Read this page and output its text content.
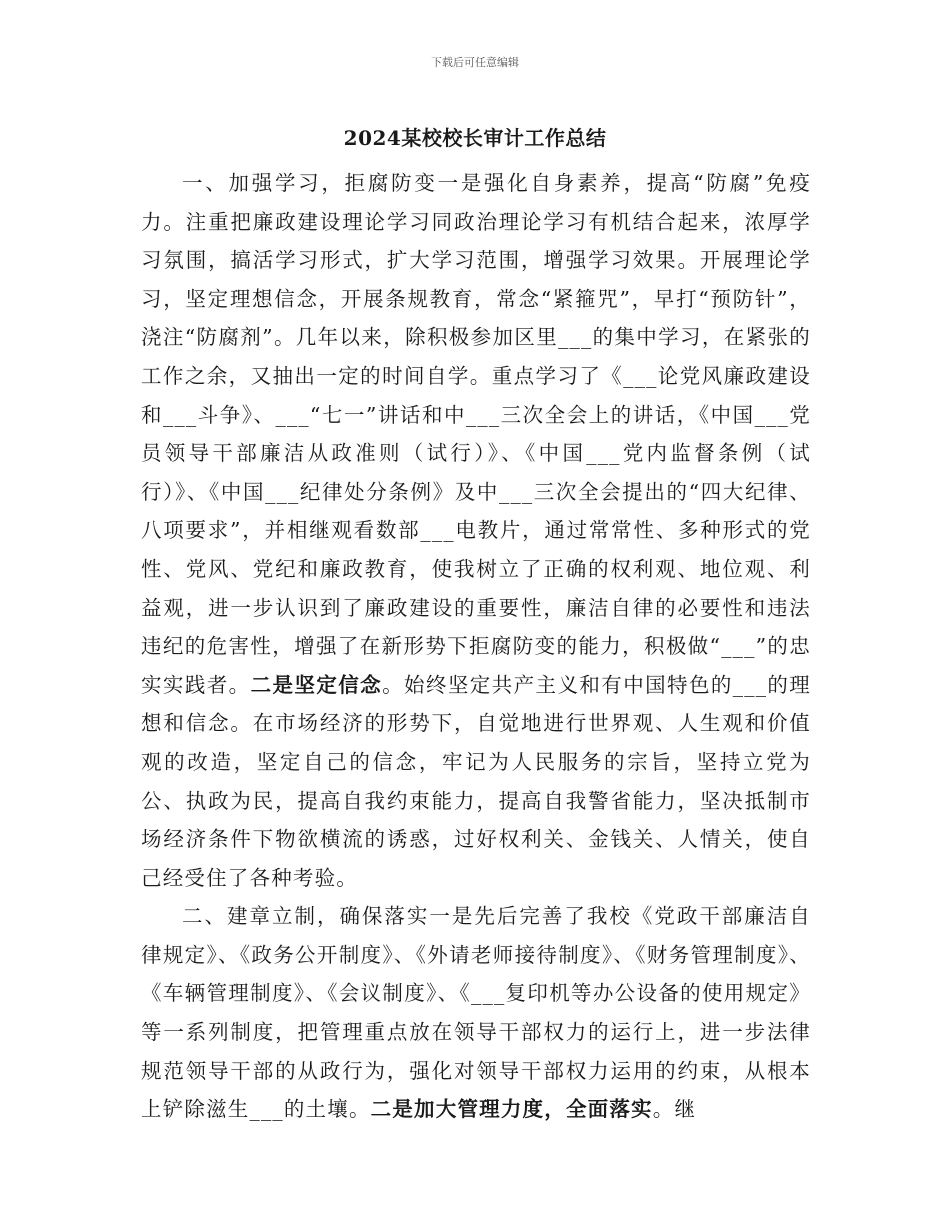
下载后可任意编辑
2024某校校长审计工作总结

一、加强学习，拒腐防变一是强化自身素养，提高“防腐”免疫力。注重把廉政建设理论学习同政治理论学习有机结合起来，浓厚学习氛围，搞活学习形式，扩大学习范围，增强学习效果。开展理论学习，坚定理想信念，开展条规教育，常念“紧箍咒”，早打“预防针”，浇注“防腐剂”。几年以来，除积极参加区里___的集中学习，在紧张的工作之余，又抽出一定的时间自学。重点学习了《___论党风廉政建设和___斗争》、___“七一”讲话和中___三次全会上的讲话，《中国___党员领导干部廉洁从政准则（试行）》、《中国___党内监督条例（试行）》、《中国___纪律处分条例》及中___三次全会提出的“四大纪律、八项要求”，并相继观看数部___电教片，通过常常性、多种形式的党性、党风、党纪和廉政教育，使我树立了正确的权利观、地位观、利益观，进一步认识到了廉政建设的重要性，廉洁自律的必要性和违法违纪的危害性，增强了在新形势下拒腐防变的能力，积极做“___”的忠实实践者。二是坚定信念。始终坚定共产主义和有中国特色的___的理想和信念。在市场经济的形势下，自觉地进行世界观、人生观和价值观的改造，坚定自己的信念，牢记为人民服务的宗旨，坚持立党为公、执政为民，提高自我约束能力，提高自我警省能力，坚决抵制市场经济条件下物欲横流的诱惑，过好权利关、金钱关、人情关，使自己经受住了各种考验。

二、建章立制，确保落实一是先后完善了我校《党政干部廉洁自律规定》、《政务公开制度》、《外请老师接待制度》、《财务管理制度》、《车辆管理制度》、《会议制度》、《___复印机等办公设备的使用规定》等一系列制度，把管理重点放在领导干部权力的运行上，进一步法律规范领导干部的从政行为，强化对领导干部权力运用的约束，从根本上铲除滋生___的土壤。二是加大管理力度，全面落实。继
